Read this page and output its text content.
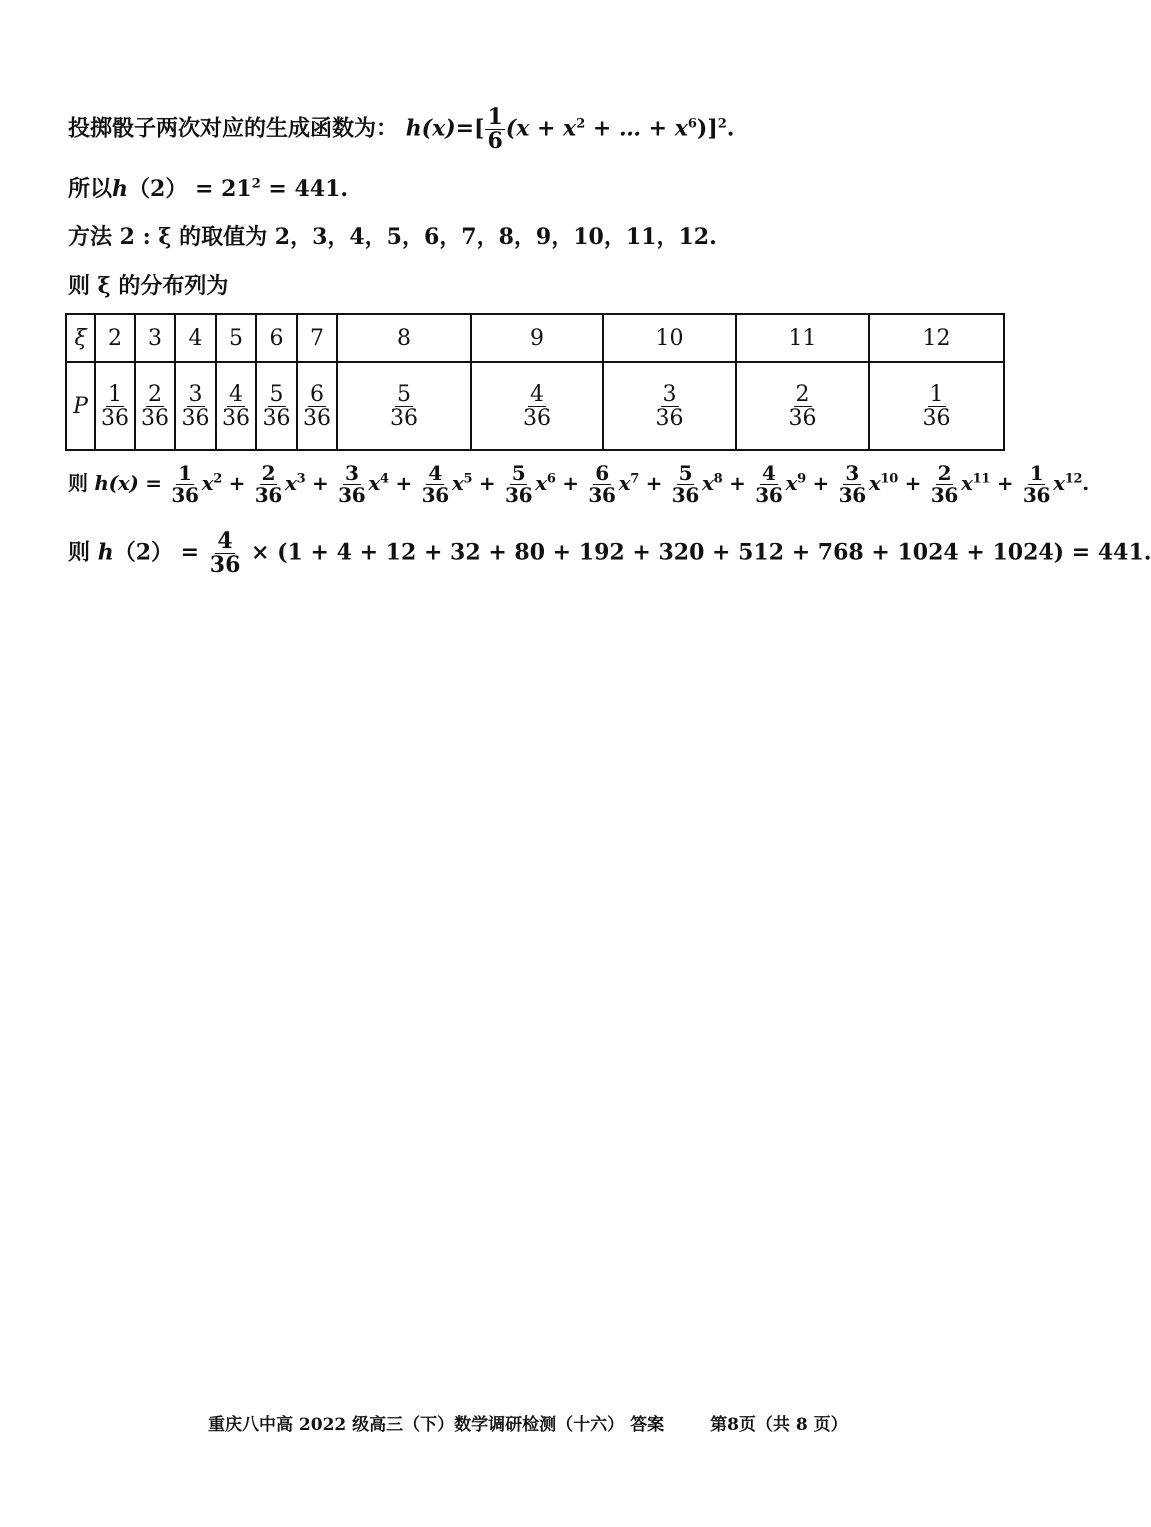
投掷骰子两次对应的生成函数为： $h(x)=[ \frac{1}{6} (x + x^2$ + … + $x^6)]^2$.
所以$h(2) = 21^2 = 441$.
方法 2 : ξ 的取值为 2，3，4，5，6，7，8，9，10，11，12.
则 ξ 的分布列为
ξ	2	3	4	5	6	7	8	9	10	11	12
P	$\frac{1}{36}$	$\frac{2}{36}$	$\frac{3}{36}$	$\frac{4}{36}$	$\frac{5}{36}$	$\frac{6}{36}$	$\frac{5}{36}$	$\frac{4}{36}$	$\frac{3}{36}$	$\frac{2}{36}$	$\frac{1}{36}$
则 $h(x) = \frac{1}{36} x^2 + \frac{2}{36} x^3 + \frac{3}{36} x^4 + \frac{4}{36} x^5 + \frac{5}{36} x^6 + \frac{6}{36} x^7 + \frac{5}{36} x^8 + \frac{4}{36} x^9 + \frac{3}{36} x^{10} + \frac{2}{36} x^{11} + \frac{1}{36} x^{12}$.
则 $h(2) = \frac{4}{36} \times (1 + 4 + 12 + 32 + 80 + 192 + 320 + 512 + 768 + 1024 + 1024) = 441$.
重庆八中高 2022 级高三（下）数学调研检测（十六） 答案	第8页（共 8 页）
